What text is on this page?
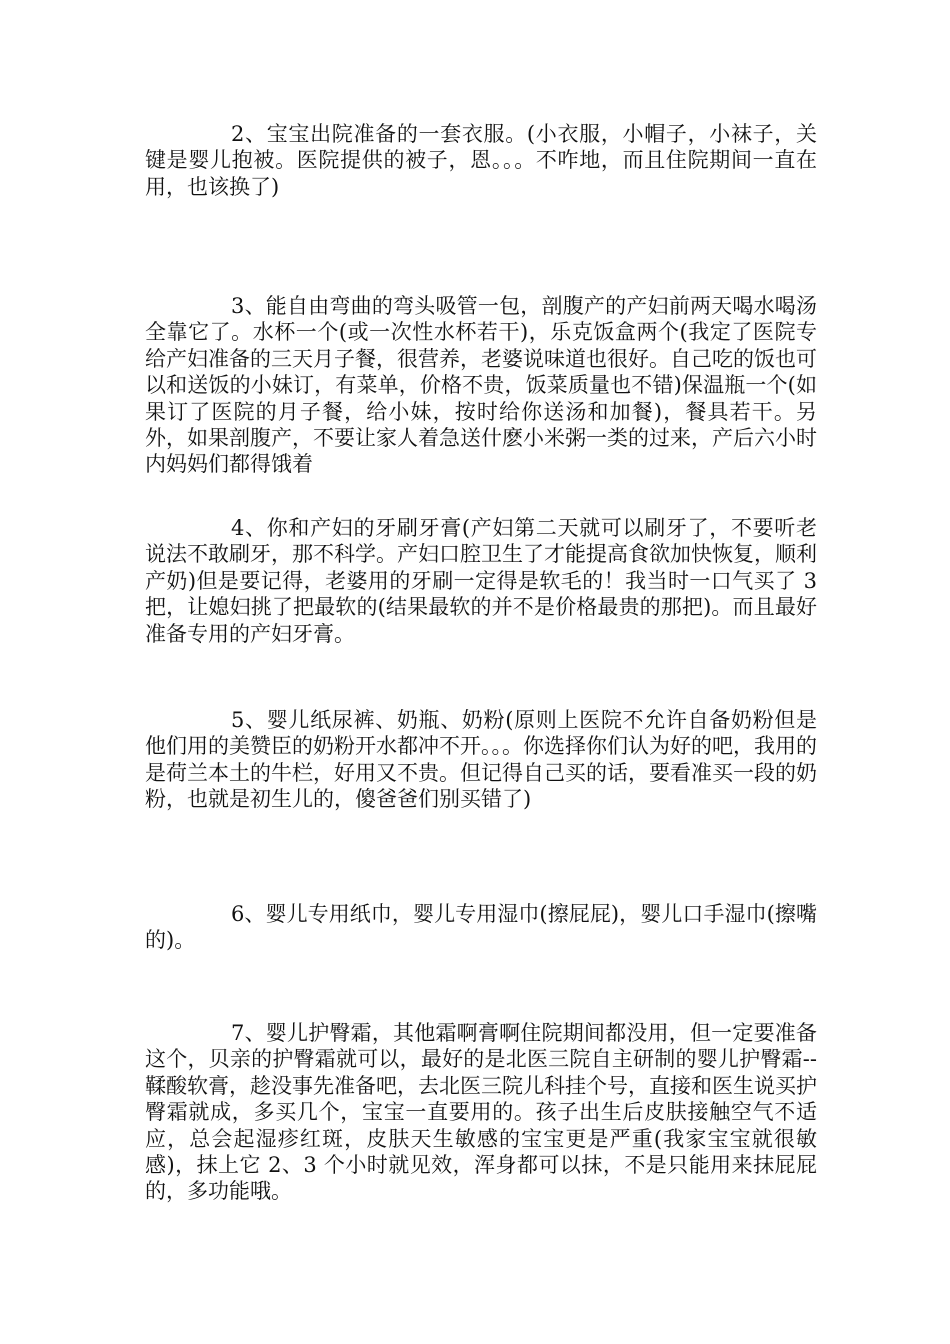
2、宝宝出院准备的一套衣服。(小衣服，小帽子，小袜子，关键是婴儿抱被。医院提供的被子，恩。。。不咋地，而且住院期间一直在用，也该换了)

3、能自由弯曲的弯头吸管一包，剖腹产的产妇前两天喝水喝汤全靠它了。水杯一个(或一次性水杯若干)，乐克饭盒两个(我定了医院专给产妇准备的三天月子餐，很营养，老婆说味道也很好。自己吃的饭也可以和送饭的小妹订，有菜单，价格不贵，饭菜质量也不错)保温瓶一个(如果订了医院的月子餐，给小妹，按时给你送汤和加餐)，餐具若干。另外，如果剖腹产，不要让家人着急送什麽小米粥一类的过来，产后六小时内妈妈们都得饿着

4、你和产妇的牙刷牙膏(产妇第二天就可以刷牙了，不要听老说法不敢刷牙，那不科学。产妇口腔卫生了才能提高食欲加快恢复，顺利产奶)但是要记得，老婆用的牙刷一定得是软毛的！我当时一口气买了 3 把，让媳妇挑了把最软的(结果最软的并不是价格最贵的那把)。而且最好准备专用的产妇牙膏。

5、婴儿纸尿裤、奶瓶、奶粉(原则上医院不允许自备奶粉但是他们用的美赞臣的奶粉开水都冲不开。。。你选择你们认为好的吧，我用的是荷兰本土的牛栏，好用又不贵。但记得自己买的话，要看准买一段的奶粉，也就是初生儿的，傻爸爸们别买错了)

6、婴儿专用纸巾，婴儿专用湿巾(擦屁屁)，婴儿口手湿巾(擦嘴的)。

7、婴儿护臀霜，其他霜啊膏啊住院期间都没用，但一定要准备这个，贝亲的护臀霜就可以，最好的是北医三院自主研制的婴儿护臀霜--鞣酸软膏，趁没事先准备吧，去北医三院儿科挂个号，直接和医生说买护臀霜就成，多买几个，宝宝一直要用的。孩子出生后皮肤接触空气不适应，总会起湿疹红斑，皮肤天生敏感的宝宝更是严重(我家宝宝就很敏感)，抹上它 2、3 个小时就见效，浑身都可以抹，不是只能用来抹屁屁的，多功能哦。
